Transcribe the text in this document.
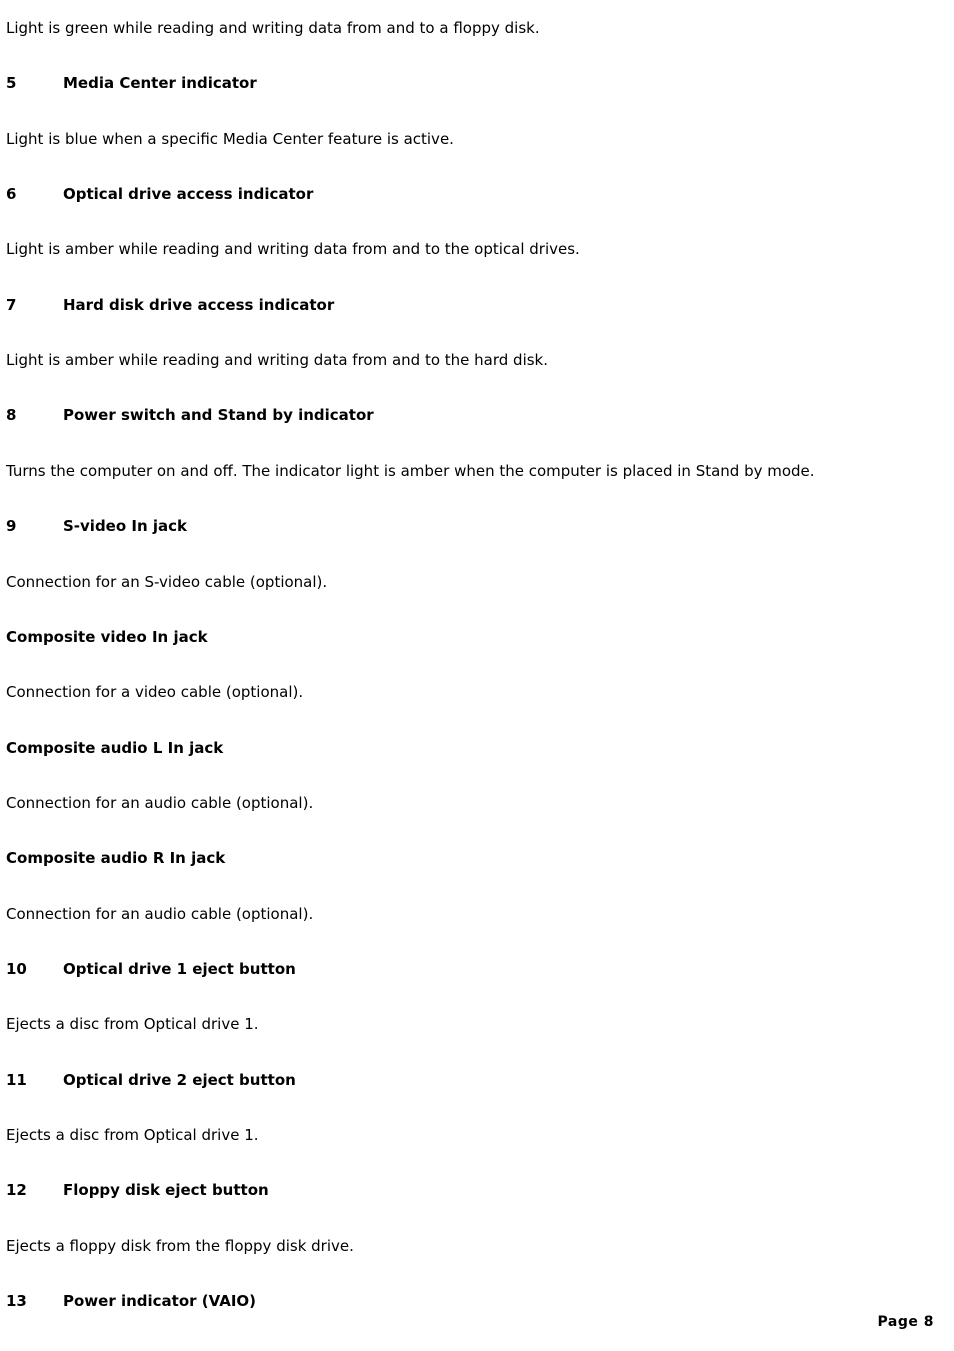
Light is green while reading and writing data from and to a floppy disk.
5	Media Center indicator
Light is blue when a specific Media Center feature is active.
6	Optical drive access indicator
Light is amber while reading and writing data from and to the optical drives.
7	Hard disk drive access indicator
Light is amber while reading and writing data from and to the hard disk.
8	Power switch and Stand by indicator
Turns the computer on and off. The indicator light is amber when the computer is placed in Stand by mode.
9	S-video In jack
Connection for an S-video cable (optional).
Composite video In jack
Connection for a video cable (optional).
Composite audio L In jack
Connection for an audio cable (optional).
Composite audio R In jack
Connection for an audio cable (optional).
10 Optical drive 1 eject button
Ejects a disc from Optical drive 1.
11 Optical drive 2 eject button
Ejects a disc from Optical drive 1.
12 Floppy disk eject button
Ejects a floppy disk from the floppy disk drive.
13 Power indicator (VAIO)
Page 8
